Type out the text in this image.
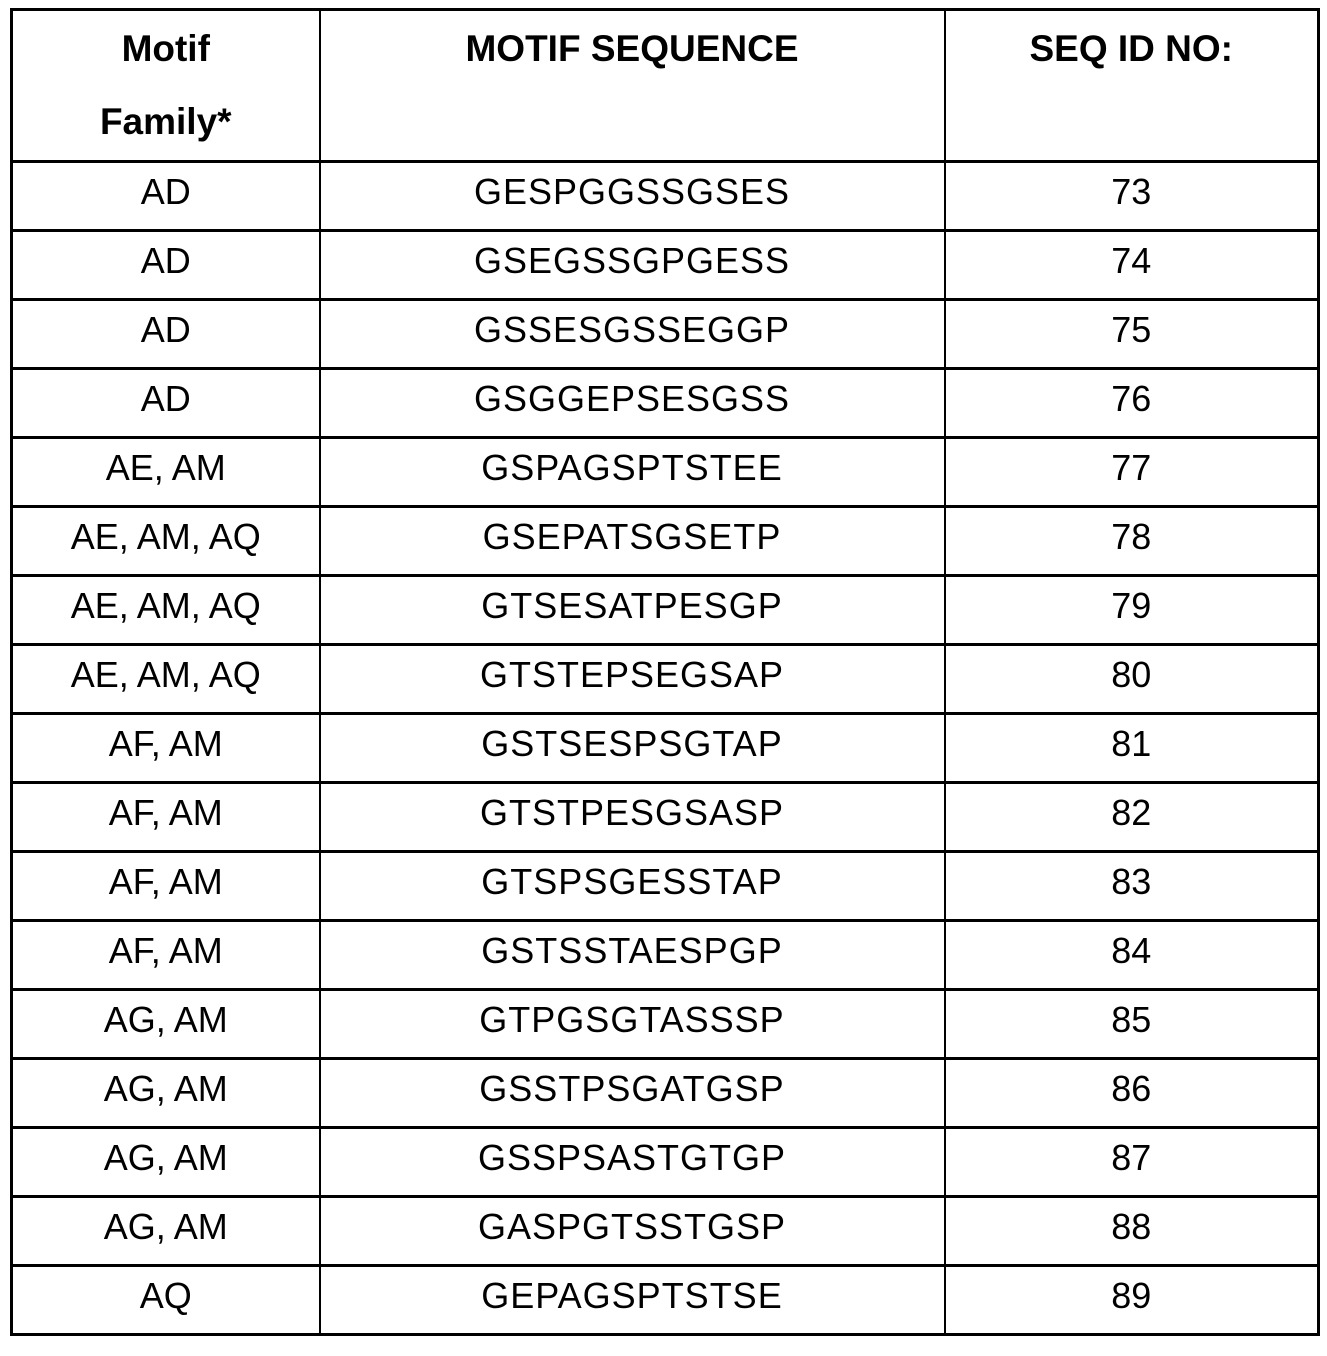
Motif
Family*	MOTIF SEQUENCE	SEQ ID NO:
AD	GESPGGSSGSES	73
AD	GSEGSSGPGESS	74
AD	GSSESGSSEGGP	75
AD	GSGGEPSESGSS	76
AE, AM	GSPAGSPTSTEE	77
AE, AM, AQ	GSEPATSGSETP	78
AE, AM, AQ	GTSESATPESGP	79
AE, AM, AQ	GTSTEPSEGSAP	80
AF, AM	GSTSESPSGTAP	81
AF, AM	GTSTPESGSASP	82
AF, AM	GTSPSGESSTAP	83
AF, AM	GSTSSTAESPGP	84
AG, AM	GTPGSGTASSSP	85
AG, AM	GSSTPSGATGSP	86
AG, AM	GSSPSASTGTGP	87
AG, AM	GASPGTSSTGSP	88
AQ	GEPAGSPTSTSE	89
